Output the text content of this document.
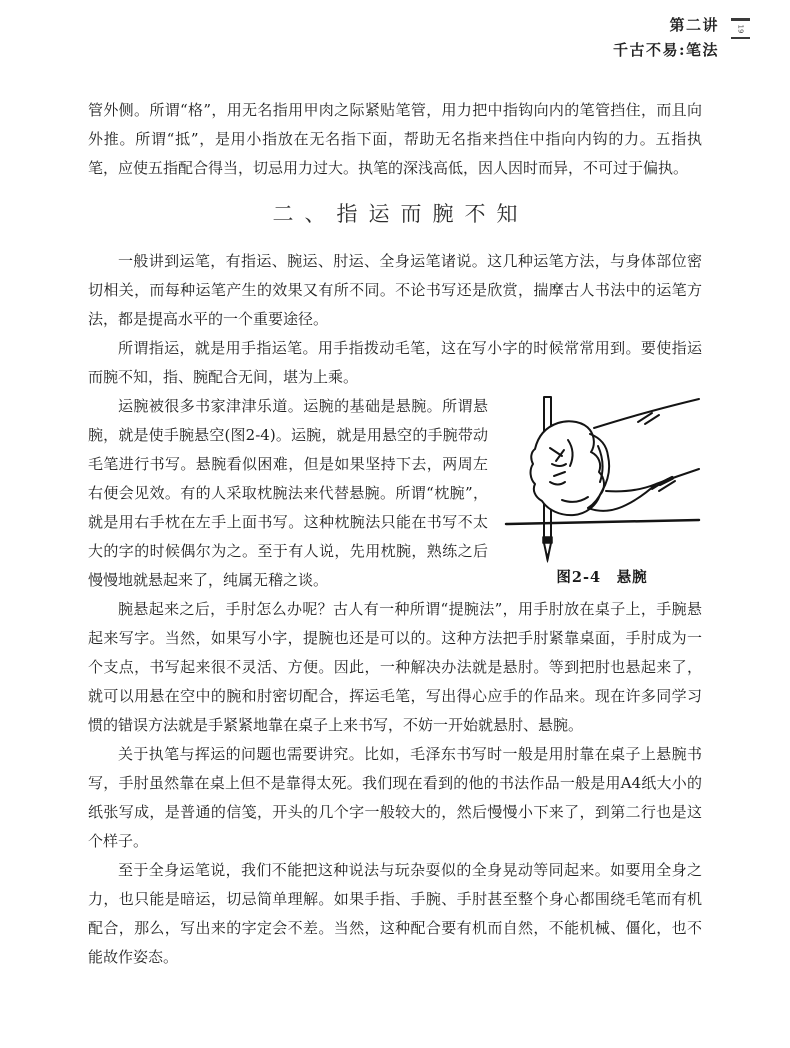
第二讲
千古不易:笔法
19

管外侧。所谓“格”，用无名指用甲肉之际紧贴笔管，用力把中指钩向内的笔管挡住，而且向外推。所谓“抵”，是用小指放在无名指下面，帮助无名指来挡住中指向内钩的力。五指执笔，应使五指配合得当，切忌用力过大。执笔的深浅高低，因人因时而异，不可过于偏执。

二、指运而腕不知

一般讲到运笔，有指运、腕运、肘运、全身运笔诸说。这几种运笔方法，与身体部位密切相关，而每种运笔产生的效果又有所不同。不论书写还是欣赏，揣摩古人书法中的运笔方法，都是提高水平的一个重要途径。

所谓指运，就是用手指运笔。用手指拨动毛笔，这在写小字的时候常常用到。要使指运而腕不知，指、腕配合无间，堪为上乘。

图2-4　悬腕

运腕被很多书家津津乐道。运腕的基础是悬腕。所谓悬腕，就是使手腕悬空(图2-4)。运腕，就是用悬空的手腕带动毛笔进行书写。悬腕看似困难，但是如果坚持下去，两周左右便会见效。有的人采取枕腕法来代替悬腕。所谓“枕腕”，就是用右手枕在左手上面书写。这种枕腕法只能在书写不太大的字的时候偶尔为之。至于有人说，先用枕腕，熟练之后慢慢地就悬起来了，纯属无稽之谈。

腕悬起来之后，手肘怎么办呢？古人有一种所谓“提腕法”，用手肘放在桌子上，手腕悬起来写字。当然，如果写小字，提腕也还是可以的。这种方法把手肘紧靠桌面，手肘成为一个支点，书写起来很不灵活、方便。因此，一种解决办法就是悬肘。等到把肘也悬起来了，就可以用悬在空中的腕和肘密切配合，挥运毛笔，写出得心应手的作品来。现在许多同学习惯的错误方法就是手紧紧地靠在桌子上来书写，不妨一开始就悬肘、悬腕。

关于执笔与挥运的问题也需要讲究。比如，毛泽东书写时一般是用肘靠在桌子上悬腕书写，手肘虽然靠在桌上但不是靠得太死。我们现在看到的他的书法作品一般是用A4纸大小的纸张写成，是普通的信笺，开头的几个字一般较大的，然后慢慢小下来了，到第二行也是这个样子。

至于全身运笔说，我们不能把这种说法与玩杂耍似的全身晃动等同起来。如要用全身之力，也只能是暗运，切忌简单理解。如果手指、手腕、手肘甚至整个身心都围绕毛笔而有机配合，那么，写出来的字定会不差。当然，这种配合要有机而自然，不能机械、僵化，也不能故作姿态。
